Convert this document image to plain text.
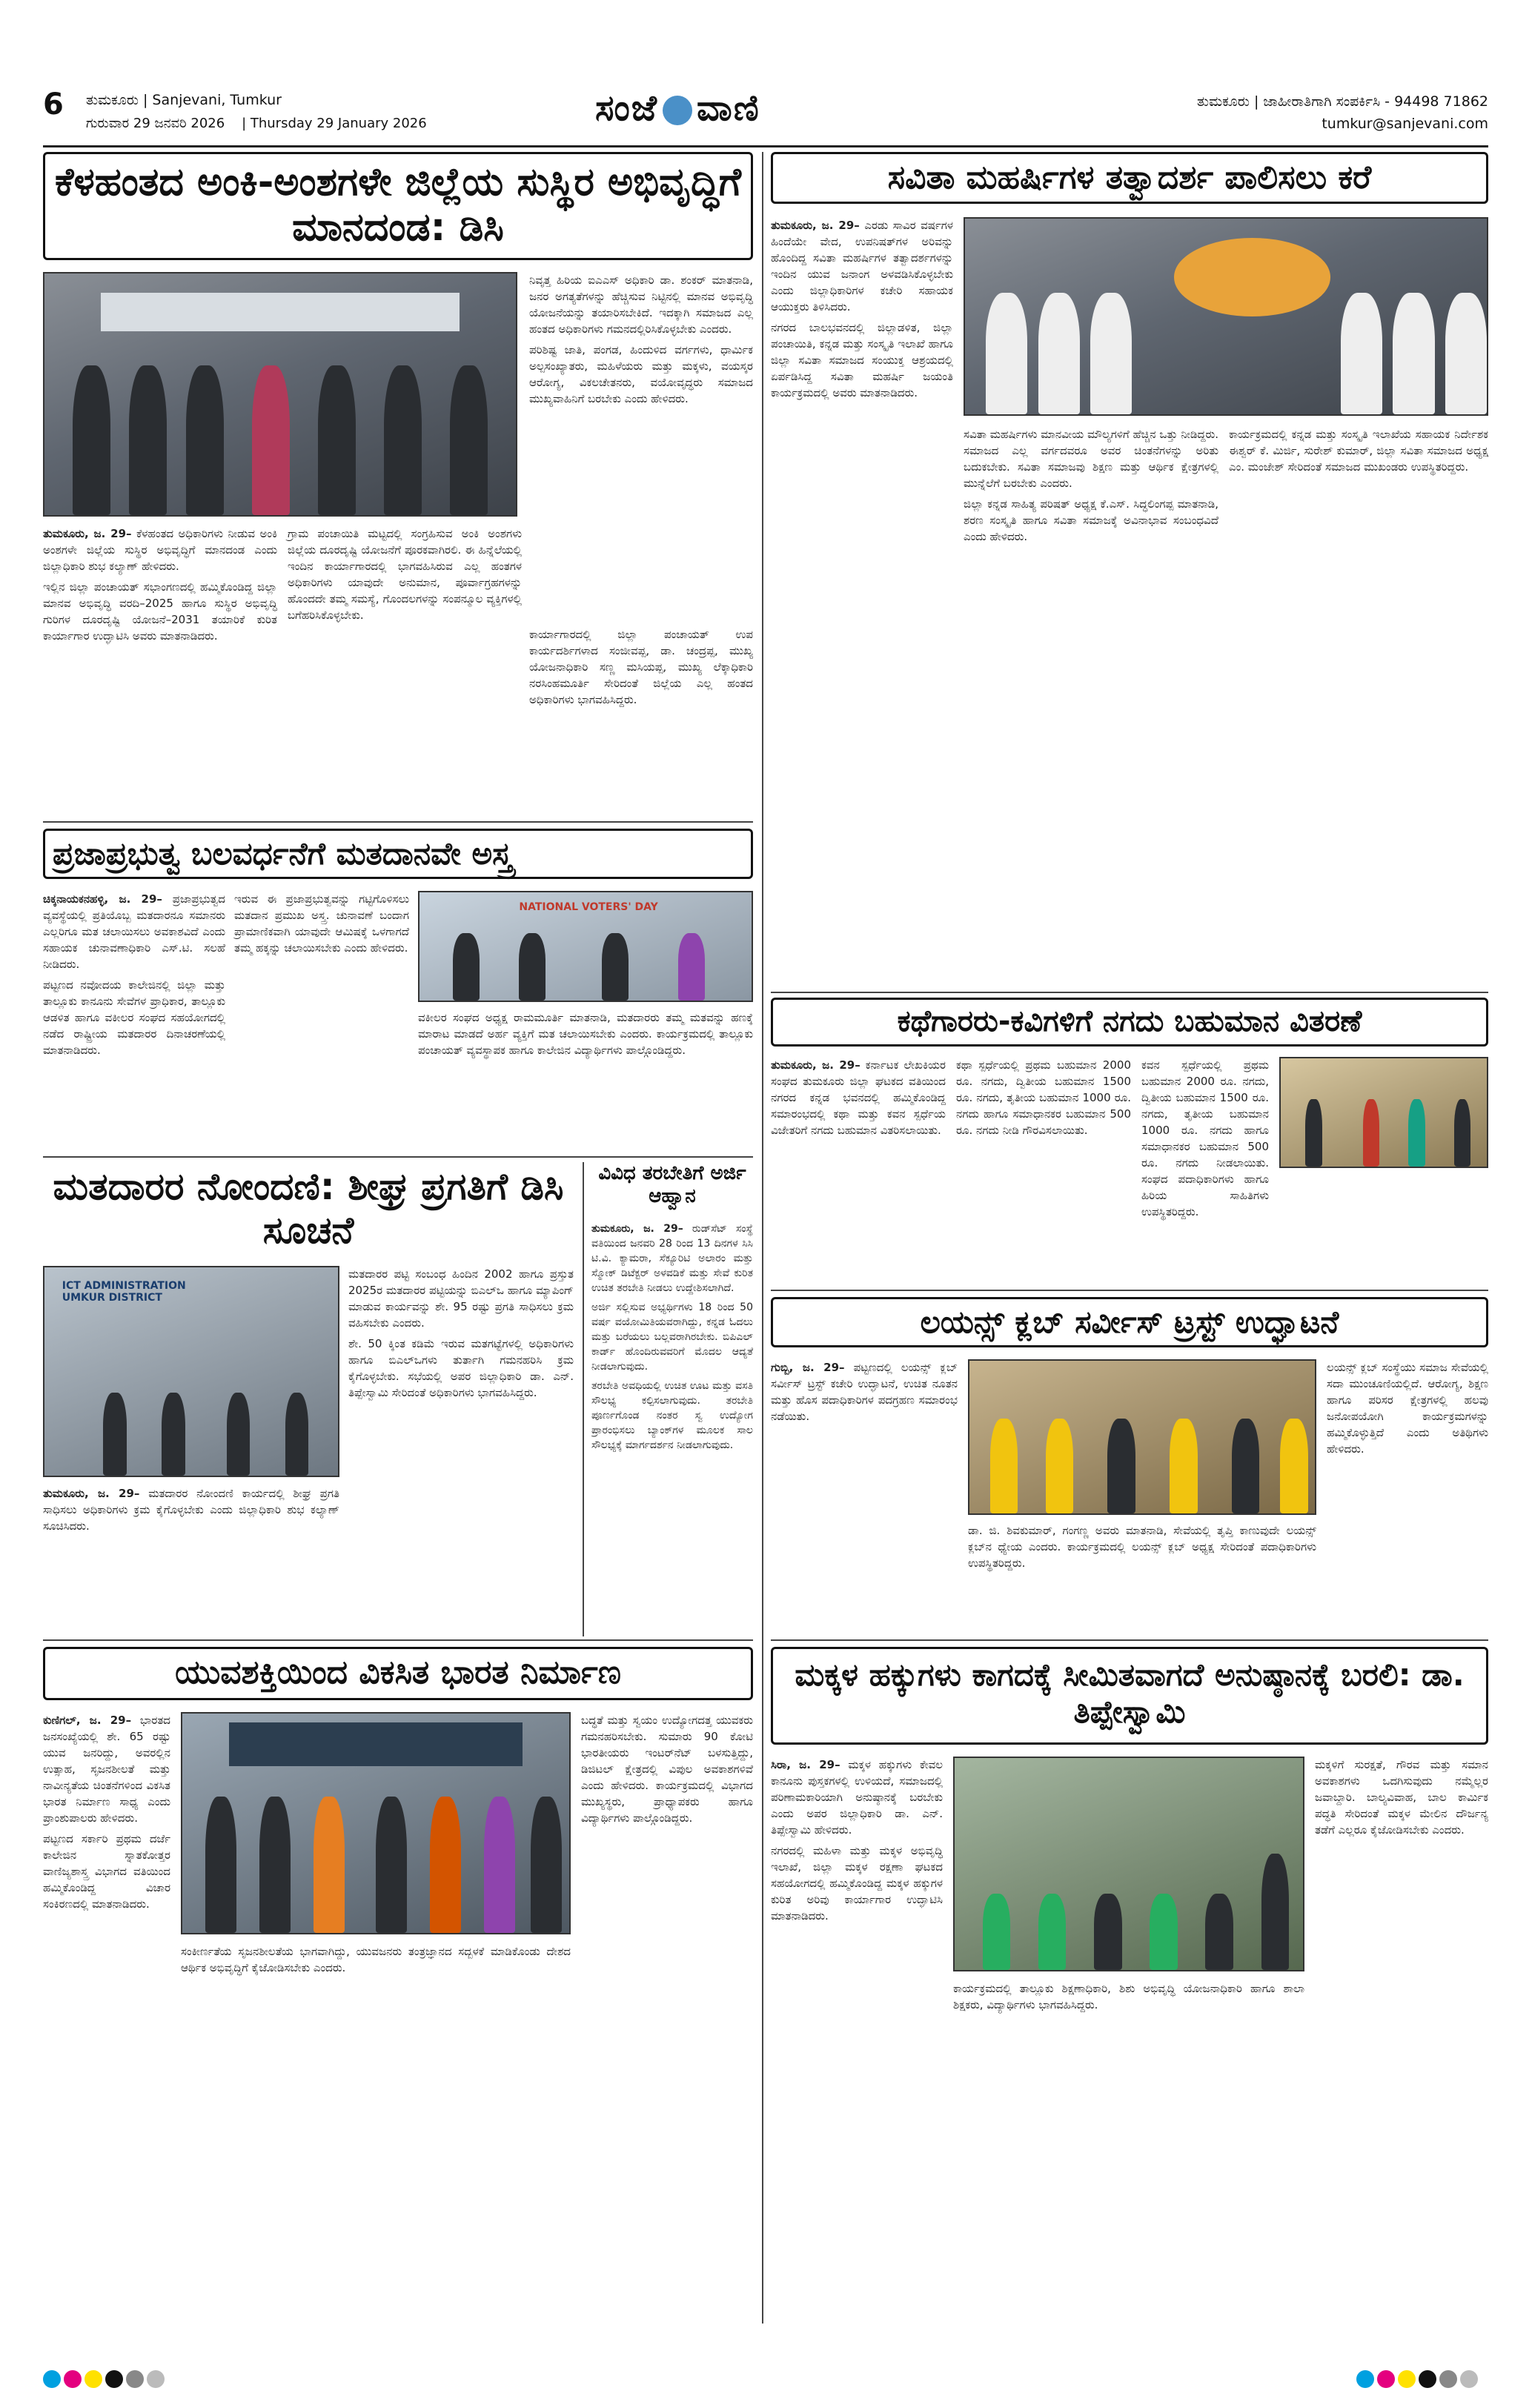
6 ತುಮಕೂರು | Sanjevani, Tumkur
ಗುರುವಾರ 29 ಜನವರಿ 2026 | Thursday 29 January 2026	ಸಂಜೆ ವಾಣಿ	ತುಮಕೂರು | ಜಾಹೀರಾತಿಗಾಗಿ ಸಂಪರ್ಕಿಸಿ - 94498 71862
tumkur@sanjevani.com
ಕೆಳಹಂತದ ಅಂಕಿ-ಅಂಶಗಳೇ ಜಿಲ್ಲೆಯ ಸುಸ್ಥಿರ ಅಭಿವೃದ್ಧಿಗೆ ಮಾನದಂಡ: ಡಿಸಿ

ನಿವೃತ್ತ ಹಿರಿಯ ಐಎಎಸ್ ಅಧಿಕಾರಿ ಡಾ. ಶಂಕರ್ ಮಾತನಾಡಿ, ಜನರ ಅಗತ್ಯತೆಗಳನ್ನು ಹೆಚ್ಚಿಸುವ ನಿಟ್ಟಿನಲ್ಲಿ ಮಾನವ ಅಭಿವೃದ್ಧಿ ಯೋಜನೆಯನ್ನು ತಯಾರಿಸಬೇಕಿದೆ. ಇದಕ್ಕಾಗಿ ಸಮಾಜದ ಎಲ್ಲ ಹಂತದ ಅಧಿಕಾರಿಗಳು ಗಮನದಲ್ಲಿರಿಸಿಕೊಳ್ಳಬೇಕು ಎಂದರು.

ಪರಿಶಿಷ್ಟ ಜಾತಿ, ಪಂಗಡ, ಹಿಂದುಳಿದ ವರ್ಗಗಳು, ಧಾರ್ಮಿಕ ಅಲ್ಪಸಂಖ್ಯಾತರು, ಮಹಿಳೆಯರು ಮತ್ತು ಮಕ್ಕಳು, ವಯಸ್ಕರ ಆರೋಗ್ಯ, ವಿಕಲಚೇತನರು, ವಯೋವೃದ್ಧರು ಸಮಾಜದ ಮುಖ್ಯವಾಹಿನಿಗೆ ಬರಬೇಕು ಎಂದು ಹೇಳಿದರು.

ತುಮಕೂರು, ಜ. 29– ಕೆಳಹಂತದ ಅಧಿಕಾರಿಗಳು ನೀಡುವ ಅಂಕಿ ಅಂಶಗಳೇ ಜಿಲ್ಲೆಯ ಸುಸ್ಥಿರ ಅಭಿವೃದ್ಧಿಗೆ ಮಾನದಂಡ ಎಂದು ಜಿಲ್ಲಾಧಿಕಾರಿ ಶುಭ ಕಲ್ಯಾಣ್ ಹೇಳಿದರು.

ಇಲ್ಲಿನ ಜಿಲ್ಲಾ ಪಂಚಾಯತ್ ಸಭಾಂಗಣದಲ್ಲಿ ಹಮ್ಮಿಕೊಂಡಿದ್ದ ಜಿಲ್ಲಾ ಮಾನವ ಅಭಿವೃದ್ಧಿ ವರದಿ–2025 ಹಾಗೂ ಸುಸ್ಥಿರ ಅಭಿವೃದ್ಧಿ ಗುರಿಗಳ ದೂರದೃಷ್ಟಿ ಯೋಜನೆ–2031 ತಯಾರಿಕೆ ಕುರಿತ ಕಾರ್ಯಾಗಾರ ಉದ್ಘಾಟಿಸಿ ಅವರು ಮಾತನಾಡಿದರು.

ಗ್ರಾಮ ಪಂಚಾಯಿತಿ ಮಟ್ಟದಲ್ಲಿ ಸಂಗ್ರಹಿಸುವ ಅಂಕಿ ಅಂಶಗಳು ಜಿಲ್ಲೆಯ ದೂರದೃಷ್ಟಿ ಯೋಜನೆಗೆ ಪೂರಕವಾಗಿರಲಿ. ಈ ಹಿನ್ನೆಲೆಯಲ್ಲಿ ಇಂದಿನ ಕಾರ್ಯಾಗಾರದಲ್ಲಿ ಭಾಗವಹಿಸಿರುವ ಎಲ್ಲ ಹಂತಗಳ ಅಧಿಕಾರಿಗಳು ಯಾವುದೇ ಅನುಮಾನ, ಪೂರ್ವಾಗ್ರಹಗಳನ್ನು ಹೊಂದದೇ ತಮ್ಮ ಸಮಸ್ಯೆ, ಗೊಂದಲಗಳನ್ನು ಸಂಪನ್ಮೂಲ ವ್ಯಕ್ತಿಗಳಲ್ಲಿ ಬಗೆಹರಿಸಿಕೊಳ್ಳಬೇಕು.

ಕಾರ್ಯಾಗಾರದಲ್ಲಿ ಜಿಲ್ಲಾ ಪಂಚಾಯತ್ ಉಪ ಕಾರ್ಯದರ್ಶಿಗಳಾದ ಸಂಜೀವಪ್ಪ, ಡಾ. ಚಂದ್ರಪ್ಪ, ಮುಖ್ಯ ಯೋಜನಾಧಿಕಾರಿ ಸಣ್ಣ ಮಸಿಯಪ್ಪ, ಮುಖ್ಯ ಲೆಕ್ಕಾಧಿಕಾರಿ ನರಸಿಂಹಮೂರ್ತಿ ಸೇರಿದಂತೆ ಜಿಲ್ಲೆಯ ಎಲ್ಲ ಹಂತದ ಅಧಿಕಾರಿಗಳು ಭಾಗವಹಿಸಿದ್ದರು.

ಸವಿತಾ ಮಹರ್ಷಿಗಳ ತತ್ವಾದರ್ಶ ಪಾಲಿಸಲು ಕರೆ

ತುಮಕೂರು, ಜ. 29– ಎರಡು ಸಾವಿರ ವರ್ಷಗಳ ಹಿಂದೆಯೇ ವೇದ, ಉಪನಿಷತ್‌ಗಳ ಅರಿವನ್ನು ಹೊಂದಿದ್ದ ಸವಿತಾ ಮಹರ್ಷಿಗಳ ತತ್ವಾದರ್ಶಗಳನ್ನು ಇಂದಿನ ಯುವ ಜನಾಂಗ ಅಳವಡಿಸಿಕೊಳ್ಳಬೇಕು ಎಂದು ಜಿಲ್ಲಾಧಿಕಾರಿಗಳ ಕಚೇರಿ ಸಹಾಯಕ ಆಯುಕ್ತರು ತಿಳಿಸಿದರು.

ನಗರದ ಬಾಲಭವನದಲ್ಲಿ ಜಿಲ್ಲಾಡಳಿತ, ಜಿಲ್ಲಾ ಪಂಚಾಯಿತಿ, ಕನ್ನಡ ಮತ್ತು ಸಂಸ್ಕೃತಿ ಇಲಾಖೆ ಹಾಗೂ ಜಿಲ್ಲಾ ಸವಿತಾ ಸಮಾಜದ ಸಂಯುಕ್ತ ಆಶ್ರಯದಲ್ಲಿ ಏರ್ಪಡಿಸಿದ್ದ ಸವಿತಾ ಮಹರ್ಷಿ ಜಯಂತಿ ಕಾರ್ಯಕ್ರಮದಲ್ಲಿ ಅವರು ಮಾತನಾಡಿದರು.

ಸವಿತಾ ಮಹರ್ಷಿಗಳು ಮಾನವೀಯ ಮೌಲ್ಯಗಳಿಗೆ ಹೆಚ್ಚಿನ ಒತ್ತು ನೀಡಿದ್ದರು. ಸಮಾಜದ ಎಲ್ಲ ವರ್ಗದವರೂ ಅವರ ಚಿಂತನೆಗಳನ್ನು ಅರಿತು ಬದುಕಬೇಕು. ಸವಿತಾ ಸಮಾಜವು ಶಿಕ್ಷಣ ಮತ್ತು ಆರ್ಥಿಕ ಕ್ಷೇತ್ರಗಳಲ್ಲಿ ಮುನ್ನೆಲೆಗೆ ಬರಬೇಕು ಎಂದರು.

ಜಿಲ್ಲಾ ಕನ್ನಡ ಸಾಹಿತ್ಯ ಪರಿಷತ್ ಅಧ್ಯಕ್ಷ ಕೆ.ಎಸ್. ಸಿದ್ಧಲಿಂಗಪ್ಪ ಮಾತನಾಡಿ, ಶರಣ ಸಂಸ್ಕೃತಿ ಹಾಗೂ ಸವಿತಾ ಸಮಾಜಕ್ಕೆ ಅವಿನಾಭಾವ ಸಂಬಂಧವಿದೆ ಎಂದು ಹೇಳಿದರು.

ಕಾರ್ಯಕ್ರಮದಲ್ಲಿ ಕನ್ನಡ ಮತ್ತು ಸಂಸ್ಕೃತಿ ಇಲಾಖೆಯ ಸಹಾಯಕ ನಿರ್ದೇಶಕ ಈಶ್ವರ್ ಕೆ. ಮಿರ್ಜಿ, ಸುರೇಶ್ ಕುಮಾರ್, ಜಿಲ್ಲಾ ಸವಿತಾ ಸಮಾಜದ ಅಧ್ಯಕ್ಷ ಎಂ. ಮಂಜೇಶ್ ಸೇರಿದಂತೆ ಸಮಾಜದ ಮುಖಂಡರು ಉಪಸ್ಥಿತರಿದ್ದರು.

ಪ್ರಜಾಪ್ರಭುತ್ವ ಬಲವರ್ಧನೆಗೆ ಮತದಾನವೇ ಅಸ್ತ್ರ

ಚಿಕ್ಕನಾಯಕನಹಳ್ಳಿ, ಜ. 29– ಪ್ರಜಾಪ್ರಭುತ್ವದ ವ್ಯವಸ್ಥೆಯಲ್ಲಿ ಪ್ರತಿಯೊಬ್ಬ ಮತದಾರನೂ ಸಮಾನರು ಎಲ್ಲರಿಗೂ ಮತ ಚಲಾಯಿಸಲು ಅವಕಾಶವಿದೆ ಎಂದು ಸಹಾಯಕ ಚುನಾವಣಾಧಿಕಾರಿ ಎಸ್.ಟಿ. ಸಲಹೆ ನೀಡಿದರು.

ಪಟ್ಟಣದ ನವೋದಯ ಕಾಲೇಜಿನಲ್ಲಿ ಜಿಲ್ಲಾ ಮತ್ತು ತಾಲ್ಲೂಕು ಕಾನೂನು ಸೇವೆಗಳ ಪ್ರಾಧಿಕಾರ, ತಾಲ್ಲೂಕು ಆಡಳಿತ ಹಾಗೂ ವಕೀಲರ ಸಂಘದ ಸಹಯೋಗದಲ್ಲಿ ನಡೆದ ರಾಷ್ಟ್ರೀಯ ಮತದಾರರ ದಿನಾಚರಣೆಯಲ್ಲಿ ಮಾತನಾಡಿದರು.

ಇರುವ ಈ ಪ್ರಜಾಪ್ರಭುತ್ವವನ್ನು ಗಟ್ಟಿಗೊಳಿಸಲು ಮತದಾನ ಪ್ರಮುಖ ಅಸ್ತ್ರ. ಚುನಾವಣೆ ಬಂದಾಗ ಪ್ರಾಮಾಣಿಕವಾಗಿ ಯಾವುದೇ ಆಮಿಷಕ್ಕೆ ಒಳಗಾಗದೆ ತಮ್ಮ ಹಕ್ಕನ್ನು ಚಲಾಯಿಸಬೇಕು ಎಂದು ಹೇಳಿದರು.

NATIONAL VOTERS' DAY

ವಕೀಲರ ಸಂಘದ ಅಧ್ಯಕ್ಷ ರಾಮಮೂರ್ತಿ ಮಾತನಾಡಿ, ಮತದಾರರು ತಮ್ಮ ಮತವನ್ನು ಹಣಕ್ಕೆ ಮಾರಾಟ ಮಾಡದೆ ಅರ್ಹ ವ್ಯಕ್ತಿಗೆ ಮತ ಚಲಾಯಿಸಬೇಕು ಎಂದರು. ಕಾರ್ಯಕ್ರಮದಲ್ಲಿ ತಾಲ್ಲೂಕು ಪಂಚಾಯತ್ ವ್ಯವಸ್ಥಾಪಕ ಹಾಗೂ ಕಾಲೇಜಿನ ವಿದ್ಯಾರ್ಥಿಗಳು ಪಾಲ್ಗೊಂಡಿದ್ದರು.

ಕಥೆಗಾರರು-ಕವಿಗಳಿಗೆ ನಗದು ಬಹುಮಾನ ವಿತರಣೆ

ತುಮಕೂರು, ಜ. 29– ಕರ್ನಾಟಕ ಲೇಖಕಿಯರ ಸಂಘದ ತುಮಕೂರು ಜಿಲ್ಲಾ ಘಟಕದ ವತಿಯಿಂದ ನಗರದ ಕನ್ನಡ ಭವನದಲ್ಲಿ ಹಮ್ಮಿಕೊಂಡಿದ್ದ ಸಮಾರಂಭದಲ್ಲಿ ಕಥಾ ಮತ್ತು ಕವನ ಸ್ಪರ್ಧೆಯ ವಿಜೇತರಿಗೆ ನಗದು ಬಹುಮಾನ ವಿತರಿಸಲಾಯಿತು.

ಕಥಾ ಸ್ಪರ್ಧೆಯಲ್ಲಿ ಪ್ರಥಮ ಬಹುಮಾನ 2000 ರೂ. ನಗದು, ದ್ವಿತೀಯ ಬಹುಮಾನ 1500 ರೂ. ನಗದು, ತೃತೀಯ ಬಹುಮಾನ 1000 ರೂ. ನಗದು ಹಾಗೂ ಸಮಾಧಾನಕರ ಬಹುಮಾನ 500 ರೂ. ನಗದು ನೀಡಿ ಗೌರವಿಸಲಾಯಿತು.

ಕವನ ಸ್ಪರ್ಧೆಯಲ್ಲಿ ಪ್ರಥಮ ಬಹುಮಾನ 2000 ರೂ. ನಗದು, ದ್ವಿತೀಯ ಬಹುಮಾನ 1500 ರೂ. ನಗದು, ತೃತೀಯ ಬಹುಮಾನ 1000 ರೂ. ನಗದು ಹಾಗೂ ಸಮಾಧಾನಕರ ಬಹುಮಾನ 500 ರೂ. ನಗದು ನೀಡಲಾಯಿತು. ಸಂಘದ ಪದಾಧಿಕಾರಿಗಳು ಹಾಗೂ ಹಿರಿಯ ಸಾಹಿತಿಗಳು ಉಪಸ್ಥಿತರಿದ್ದರು.

ಮತದಾರರ ನೋಂದಣಿ: ಶೀಘ್ರ ಪ್ರಗತಿಗೆ ಡಿಸಿ ಸೂಚನೆ
ICT ADMINISTRATION UMKUR DISTRICT

ಮತದಾರರ ಪಟ್ಟಿ ಸಂಬಂಧ ಹಿಂದಿನ 2002 ಹಾಗೂ ಪ್ರಸ್ತುತ 2025ರ ಮತದಾರರ ಪಟ್ಟಿಯನ್ನು ಬಿಎಲ್‌ಒ ಹಾಗೂ ಮ್ಯಾಪಿಂಗ್ ಮಾಡುವ ಕಾರ್ಯವನ್ನು ಶೇ. 95 ರಷ್ಟು ಪ್ರಗತಿ ಸಾಧಿಸಲು ಕ್ರಮ ವಹಿಸಬೇಕು ಎಂದರು.

ಶೇ. 50 ಕ್ಕಿಂತ ಕಡಿಮೆ ಇರುವ ಮತಗಟ್ಟೆಗಳಲ್ಲಿ ಅಧಿಕಾರಿಗಳು ಹಾಗೂ ಬಿಎಲ್‌ಒಗಳು ತುರ್ತಾಗಿ ಗಮನಹರಿಸಿ ಕ್ರಮ ಕೈಗೊಳ್ಳಬೇಕು. ಸಭೆಯಲ್ಲಿ ಅಪರ ಜಿಲ್ಲಾಧಿಕಾರಿ ಡಾ. ಎನ್. ತಿಪ್ಪೇಸ್ವಾಮಿ ಸೇರಿದಂತೆ ಅಧಿಕಾರಿಗಳು ಭಾಗವಹಿಸಿದ್ದರು.

ತುಮಕೂರು, ಜ. 29– ಮತದಾರರ ನೋಂದಣಿ ಕಾರ್ಯದಲ್ಲಿ ಶೀಘ್ರ ಪ್ರಗತಿ ಸಾಧಿಸಲು ಅಧಿಕಾರಿಗಳು ಕ್ರಮ ಕೈಗೊಳ್ಳಬೇಕು ಎಂದು ಜಿಲ್ಲಾಧಿಕಾರಿ ಶುಭ ಕಲ್ಯಾಣ್ ಸೂಚಿಸಿದರು.

ವಿವಿಧ ತರಬೇತಿಗೆ ಅರ್ಜಿ ಆಹ್ವಾನ

ತುಮಕೂರು, ಜ. 29– ರುಡ್‌ಸೆಟ್ ಸಂಸ್ಥೆ ವತಿಯಿಂದ ಜನವರಿ 28 ರಿಂದ 13 ದಿನಗಳ ಸಿಸಿ ಟಿ.ವಿ. ಕ್ಯಾಮರಾ, ಸೆಕ್ಯೂರಿಟಿ ಅಲಾರಂ ಮತ್ತು ಸ್ಮೋಕ್ ಡಿಟೆಕ್ಟರ್ ಅಳವಡಿಕೆ ಮತ್ತು ಸೇವೆ ಕುರಿತ ಉಚಿತ ತರಬೇತಿ ನೀಡಲು ಉದ್ದೇಶಿಸಲಾಗಿದೆ.

ಅರ್ಜಿ ಸಲ್ಲಿಸುವ ಅಭ್ಯರ್ಥಿಗಳು 18 ರಿಂದ 50 ವರ್ಷ ವಯೋಮಿತಿಯವರಾಗಿದ್ದು, ಕನ್ನಡ ಓದಲು ಮತ್ತು ಬರೆಯಲು ಬಲ್ಲವರಾಗಿರಬೇಕು. ಬಿಪಿಎಲ್ ಕಾರ್ಡ್ ಹೊಂದಿರುವವರಿಗೆ ಮೊದಲ ಆದ್ಯತೆ ನೀಡಲಾಗುವುದು.

ತರಬೇತಿ ಅವಧಿಯಲ್ಲಿ ಉಚಿತ ಊಟ ಮತ್ತು ವಸತಿ ಸೌಲಭ್ಯ ಕಲ್ಪಿಸಲಾಗುವುದು. ತರಬೇತಿ ಪೂರ್ಣಗೊಂಡ ನಂತರ ಸ್ವ ಉದ್ಯೋಗ ಪ್ರಾರಂಭಿಸಲು ಬ್ಯಾಂಕ್‌ಗಳ ಮೂಲಕ ಸಾಲ ಸೌಲಭ್ಯಕ್ಕೆ ಮಾರ್ಗದರ್ಶನ ನೀಡಲಾಗುವುದು.

ಲಯನ್ಸ್ ಕ್ಲಬ್ ಸರ್ವೀಸ್ ಟ್ರಸ್ಟ್ ಉದ್ಘಾಟನೆ

ಗುಬ್ಬಿ, ಜ. 29– ಪಟ್ಟಣದಲ್ಲಿ ಲಯನ್ಸ್ ಕ್ಲಬ್ ಸರ್ವೀಸ್ ಟ್ರಸ್ಟ್ ಕಚೇರಿ ಉದ್ಘಾಟನೆ, ಉಚಿತ ನೂತನ ಮತ್ತು ಹೊಸ ಪದಾಧಿಕಾರಿಗಳ ಪದಗ್ರಹಣ ಸಮಾರಂಭ ನಡೆಯಿತು.

ಲಯನ್ಸ್ ಕ್ಲಬ್ ಸಂಸ್ಥೆಯು ಸಮಾಜ ಸೇವೆಯಲ್ಲಿ ಸದಾ ಮುಂಚೂಣಿಯಲ್ಲಿದೆ. ಆರೋಗ್ಯ, ಶಿಕ್ಷಣ ಹಾಗೂ ಪರಿಸರ ಕ್ಷೇತ್ರಗಳಲ್ಲಿ ಹಲವು ಜನೋಪಯೋಗಿ ಕಾರ್ಯಕ್ರಮಗಳನ್ನು ಹಮ್ಮಿಕೊಳ್ಳುತ್ತಿದೆ ಎಂದು ಅತಿಥಿಗಳು ಹೇಳಿದರು.

ಡಾ. ಜಿ. ಶಿವಕುಮಾರ್, ಗಂಗಣ್ಣ ಅವರು ಮಾತನಾಡಿ, ಸೇವೆಯಲ್ಲಿ ತೃಪ್ತಿ ಕಾಣುವುದೇ ಲಯನ್ಸ್ ಕ್ಲಬ್‌ನ ಧ್ಯೇಯ ಎಂದರು. ಕಾರ್ಯಕ್ರಮದಲ್ಲಿ ಲಯನ್ಸ್ ಕ್ಲಬ್ ಅಧ್ಯಕ್ಷ ಸೇರಿದಂತೆ ಪದಾಧಿಕಾರಿಗಳು ಉಪಸ್ಥಿತರಿದ್ದರು.

ಯುವಶಕ್ತಿಯಿಂದ ವಿಕಸಿತ ಭಾರತ ನಿರ್ಮಾಣ

ಕುಣಿಗಲ್, ಜ. 29– ಭಾರತದ ಜನಸಂಖ್ಯೆಯಲ್ಲಿ ಶೇ. 65 ರಷ್ಟು ಯುವ ಜನರಿದ್ದು, ಅವರಲ್ಲಿನ ಉತ್ಸಾಹ, ಸೃಜನಶೀಲತೆ ಮತ್ತು ನಾವೀನ್ಯತೆಯ ಚಿಂತನೆಗಳಿಂದ ವಿಕಸಿತ ಭಾರತ ನಿರ್ಮಾಣ ಸಾಧ್ಯ ಎಂದು ಪ್ರಾಂಶುಪಾಲರು ಹೇಳಿದರು.

ಪಟ್ಟಣದ ಸರ್ಕಾರಿ ಪ್ರಥಮ ದರ್ಜೆ ಕಾಲೇಜಿನ ಸ್ನಾತಕೋತ್ತರ ವಾಣಿಜ್ಯಶಾಸ್ತ್ರ ವಿಭಾಗದ ವತಿಯಿಂದ ಹಮ್ಮಿಕೊಂಡಿದ್ದ ವಿಚಾರ ಸಂಕಿರಣದಲ್ಲಿ ಮಾತನಾಡಿದರು.

ಬದ್ಧತೆ ಮತ್ತು ಸ್ವಯಂ ಉದ್ಯೋಗದತ್ತ ಯುವಕರು ಗಮನಹರಿಸಬೇಕು. ಸುಮಾರು 90 ಕೋಟಿ ಭಾರತೀಯರು ಇಂಟರ್‌ನೆಟ್ ಬಳಸುತ್ತಿದ್ದು, ಡಿಜಿಟಲ್ ಕ್ಷೇತ್ರದಲ್ಲಿ ವಿಪುಲ ಅವಕಾಶಗಳಿವೆ ಎಂದು ಹೇಳಿದರು. ಕಾರ್ಯಕ್ರಮದಲ್ಲಿ ವಿಭಾಗದ ಮುಖ್ಯಸ್ಥರು, ಪ್ರಾಧ್ಯಾಪಕರು ಹಾಗೂ ವಿದ್ಯಾರ್ಥಿಗಳು ಪಾಲ್ಗೊಂಡಿದ್ದರು.

ಸಂಕೀರ್ಣತೆಯ ಸೃಜನಶೀಲತೆಯ ಭಾಗವಾಗಿದ್ದು, ಯುವಜನರು ತಂತ್ರಜ್ಞಾನದ ಸದ್ಬಳಕೆ ಮಾಡಿಕೊಂಡು ದೇಶದ ಆರ್ಥಿಕ ಅಭಿವೃದ್ಧಿಗೆ ಕೈಜೋಡಿಸಬೇಕು ಎಂದರು.

ಮಕ್ಕಳ ಹಕ್ಕುಗಳು ಕಾಗದಕ್ಕೆ ಸೀಮಿತವಾಗದೆ ಅನುಷ್ಠಾನಕ್ಕೆ ಬರಲಿ: ಡಾ. ತಿಪ್ಪೇಸ್ವಾಮಿ

ಸಿರಾ, ಜ. 29– ಮಕ್ಕಳ ಹಕ್ಕುಗಳು ಕೇವಲ ಕಾನೂನು ಪುಸ್ತಕಗಳಲ್ಲಿ ಉಳಿಯದೆ, ಸಮಾಜದಲ್ಲಿ ಪರಿಣಾಮಕಾರಿಯಾಗಿ ಅನುಷ್ಠಾನಕ್ಕೆ ಬರಬೇಕು ಎಂದು ಅಪರ ಜಿಲ್ಲಾಧಿಕಾರಿ ಡಾ. ಎನ್. ತಿಪ್ಪೇಸ್ವಾಮಿ ಹೇಳಿದರು.

ನಗರದಲ್ಲಿ ಮಹಿಳಾ ಮತ್ತು ಮಕ್ಕಳ ಅಭಿವೃದ್ಧಿ ಇಲಾಖೆ, ಜಿಲ್ಲಾ ಮಕ್ಕಳ ರಕ್ಷಣಾ ಘಟಕದ ಸಹಯೋಗದಲ್ಲಿ ಹಮ್ಮಿಕೊಂಡಿದ್ದ ಮಕ್ಕಳ ಹಕ್ಕುಗಳ ಕುರಿತ ಅರಿವು ಕಾರ್ಯಾಗಾರ ಉದ್ಘಾಟಿಸಿ ಮಾತನಾಡಿದರು.

ಮಕ್ಕಳಿಗೆ ಸುರಕ್ಷತೆ, ಗೌರವ ಮತ್ತು ಸಮಾನ ಅವಕಾಶಗಳು ಒದಗಿಸುವುದು ನಮ್ಮೆಲ್ಲರ ಜವಾಬ್ದಾರಿ. ಬಾಲ್ಯವಿವಾಹ, ಬಾಲ ಕಾರ್ಮಿಕ ಪದ್ಧತಿ ಸೇರಿದಂತೆ ಮಕ್ಕಳ ಮೇಲಿನ ದೌರ್ಜನ್ಯ ತಡೆಗೆ ಎಲ್ಲರೂ ಕೈಜೋಡಿಸಬೇಕು ಎಂದರು.

ಕಾರ್ಯಕ್ರಮದಲ್ಲಿ ತಾಲ್ಲೂಕು ಶಿಕ್ಷಣಾಧಿಕಾರಿ, ಶಿಶು ಅಭಿವೃದ್ಧಿ ಯೋಜನಾಧಿಕಾರಿ ಹಾಗೂ ಶಾಲಾ ಶಿಕ್ಷಕರು, ವಿದ್ಯಾರ್ಥಿಗಳು ಭಾಗವಹಿಸಿದ್ದರು.
